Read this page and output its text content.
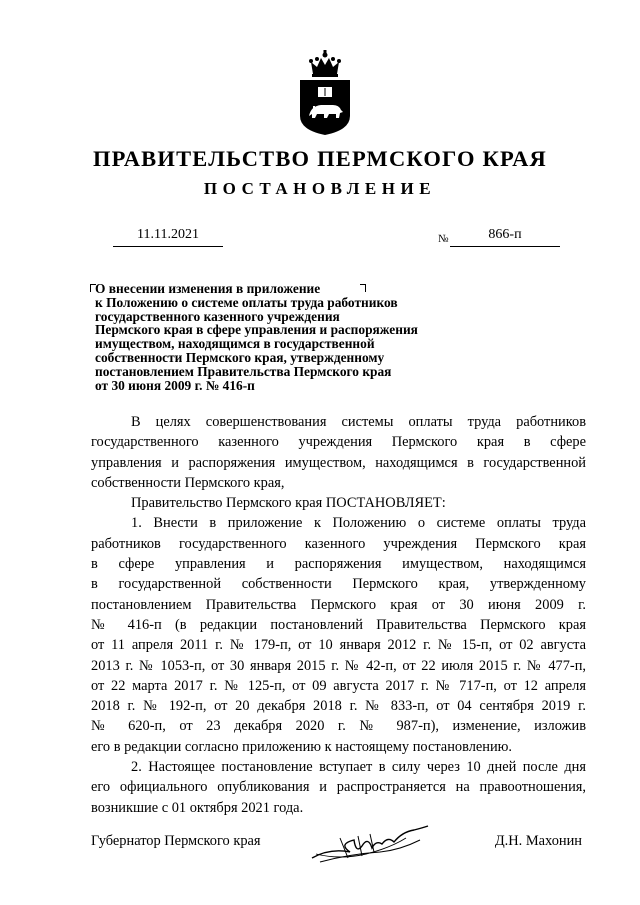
ПРАВИТЕЛЬСТВО ПЕРМСКОГО КРАЯ
ПОСТАНОВЛЕНИЕ
11.11.2021	№	866-п
О внесении изменения в приложение
к Положению о системе оплаты труда работников
государственного казенного учреждения
Пермского края в сфере управления и распоряжения
имуществом, находящимся в государственной
собственности Пермского края, утвержденному
постановлением Правительства Пермского края
от 30 июня 2009 г. № 416-п

В целях совершенствования системы оплаты труда работников
государственного казенного учреждения Пермского края в сфере
управления и распоряжения имуществом, находящимся в государственной
собственности Пермского края,

Правительство Пермского края ПОСТАНОВЛЯЕТ:

1. Внести в приложение к Положению о системе оплаты труда
работников государственного казенного учреждения Пермского края
в сфере управления и распоряжения имуществом, находящимся
в государственной собственности Пермского края, утвержденному
постановлением Правительства Пермского края от 30 июня 2009 г.
№ 416-п (в редакции постановлений Правительства Пермского края
от 11 апреля 2011 г. № 179-п, от 10 января 2012 г. № 15-п, от 02 августа
2013 г. № 1053-п, от 30 января 2015 г. № 42-п, от 22 июля 2015 г. № 477-п,
от 22 марта 2017 г. № 125-п, от 09 августа 2017 г. № 717-п, от 12 апреля
2018 г. № 192-п, от 20 декабря 2018 г. № 833-п, от 04 сентября 2019 г.
№ 620-п, от 23 декабря 2020 г. № 987-п), изменение, изложив
его в редакции согласно приложению к настоящему постановлению.

2. Настоящее постановление вступает в силу через 10 дней после дня
его официального опубликования и распространяется на правоотношения,
возникшие с 01 октября 2021 года.

Губернатор Пермского края	Д.Н. Махонин
